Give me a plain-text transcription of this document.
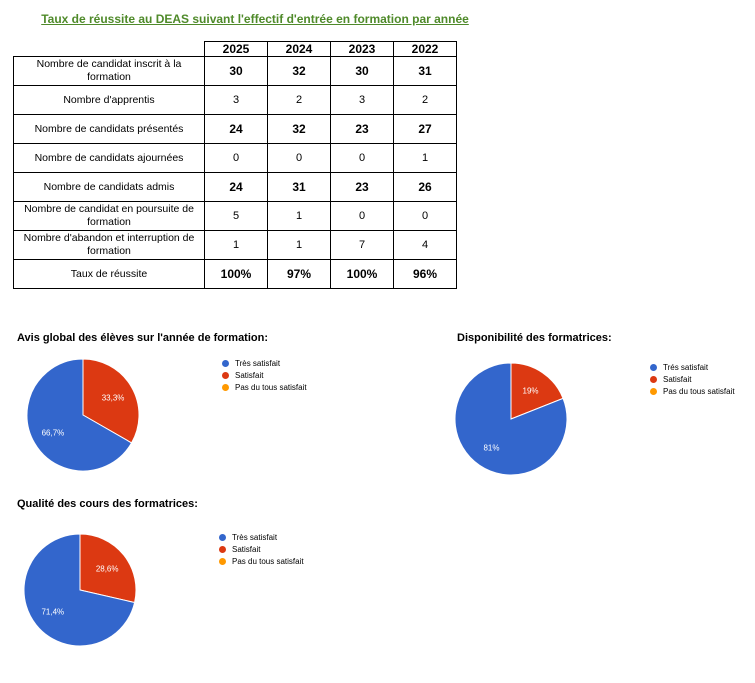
Taux de réussite au DEAS suivant l'effectif d'entrée en formation par année
	2025	2024	2023	2022
Nombre de candidat inscrit à la formation	30	32	30	31
Nombre d'apprentis	3	2	3	2
Nombre de candidats présentés	24	32	23	27
Nombre de candidats ajournées	0	0	0	1
Nombre de candidats admis	24	31	23	26
Nombre de candidat en poursuite de formation	5	1	0	0
Nombre d'abandon et interruption de formation	1	1	7	4
Taux de réussite	100%	97%	100%	96%
Avis global des élèves sur l'année de formation:
33,3%
66,7%
Très satisfait
Satisfait
Pas du tous satisfait
Disponibilité des formatrices:
19%
81%
Trés satisfait
Satisfait
Pas du tous satisfait
Qualité des cours des formatrices:
28,6%
71,4%
Très satisfait
Satisfait
Pas du tous satisfait
